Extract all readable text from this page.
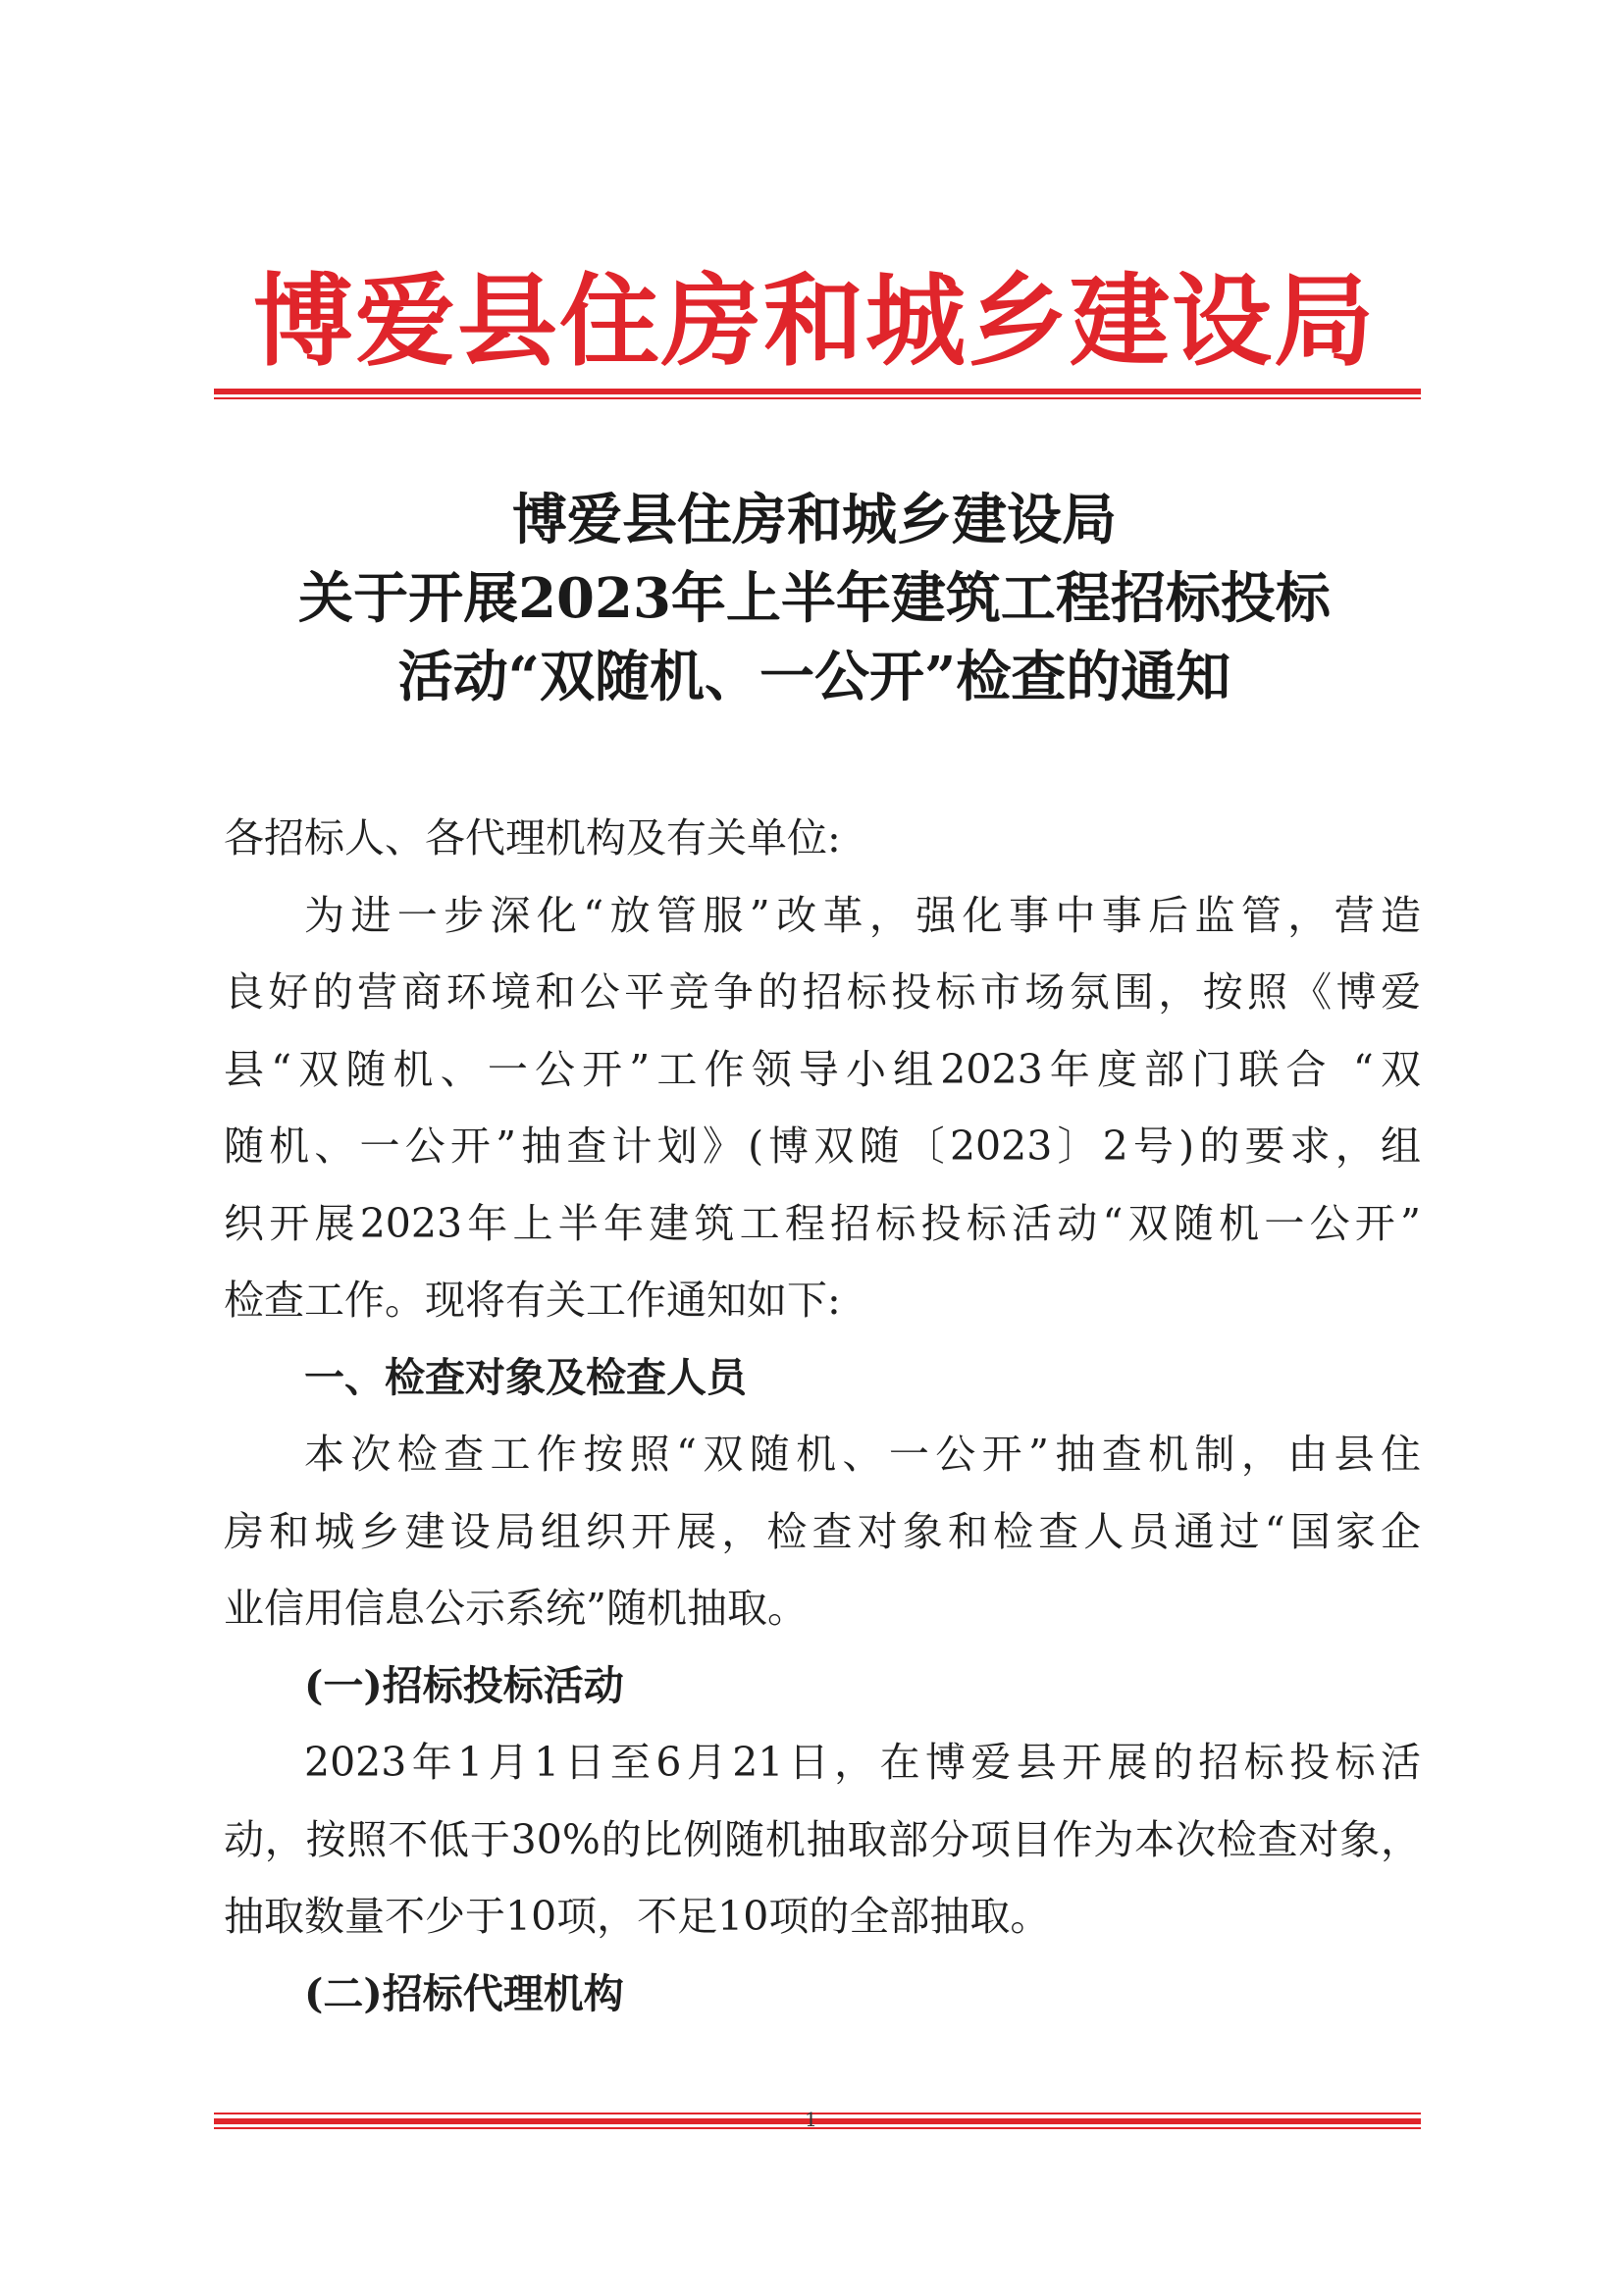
博爱县住房和城乡建设局
博爱县住房和城乡建设局
关于开展2023年上半年建筑工程招标投标
活动“双随机、一公开”检查的通知

各招标人、各代理机构及有关单位:

为进一步深化“放管服”改革，强化事中事后监管，营造

良好的营商环境和公平竞争的招标投标市场氛围，按照《博爱

县“双随机、一公开”工作领导小组2023年度部门联合 “双

随机、一公开”抽查计划》(博双随〔2023〕2号)的要求，组

织开展2023年上半年建筑工程招标投标活动“双随机一公开”

检查工作。现将有关工作通知如下:

一、检查对象及检查人员

本次检查工作按照“双随机、一公开”抽查机制，由县住

房和城乡建设局组织开展，检查对象和检查人员通过“国家企

业信用信息公示系统”随机抽取。

(一)招标投标活动

2023年1月1日至6月21日，在博爱县开展的招标投标活

动，按照不低于30%的比例随机抽取部分项目作为本次检查对象，

抽取数量不少于10项，不足10项的全部抽取。

(二)招标代理机构

1
